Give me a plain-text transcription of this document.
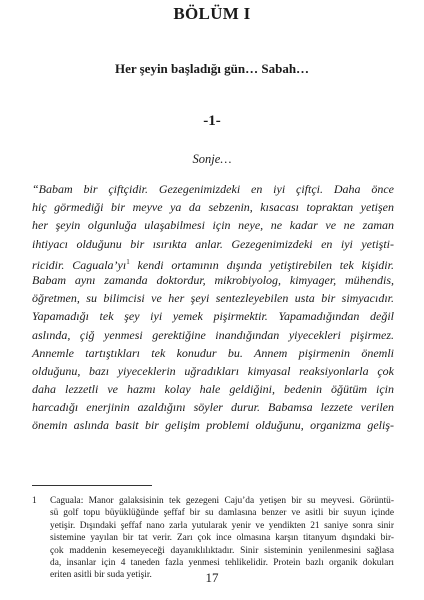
BÖLÜM I
Her şeyin başladığı gün… Sabah…
-1-
Sonje…
“Babam bir çiftçidir. Gezegenimizdeki en iyi çiftçi. Daha önce
hiç görmediği bir meyve ya da sebzenin, kısacası topraktan yetişen
her şeyin olgunluğa ulaşabilmesi için neye, ne kadar ve ne zaman
ihtiyacı olduğunu bir ısırıkta anlar. Gezegenimizdeki en iyi yetişti-
ricidir. $Caguala’yı^1$ kendi ortamının dışında yetiştirebilen tek kişidir.
Babam aynı zamanda doktordur, mikrobiyolog, kimyager, mühendis,
öğretmen, su bilimcisi ve her şeyi sentezleyebilen usta bir simyacıdır.
Yapamadığı tek şey iyi yemek pişirmektir. Yapamadığından değil
aslında, çiğ yenmesi gerektiğine inandığından yiyecekleri pişirmez.
Annemle tartıştıkları tek konudur bu. Annem pişirmenin önemli
olduğunu, bazı yiyeceklerin uğradıkları kimyasal reaksiyonlarla çok
daha lezzetli ve hazmı kolay hale geldiğini, bedenin öğütüm için
harcadığı enerjinin azaldığını söyler durur. Babamsa lezzete verilen
önemin aslında basit bir gelişim problemi olduğunu, organizma geliş-
1 Caguala: Manor galaksisinin tek gezegeni Caju’da yetişen bir su meyvesi. Görüntü-
sü golf topu büyüklüğünde şeffaf bir su damlasına benzer ve asitli bir suyun içinde
yetişir. Dışındaki şeffaf nano zarla yutularak yenir ve yendikten 21 saniye sonra sinir
sistemine yayılan bir tat verir. Zarı çok ince olmasına karşın titanyum dışındaki bir-
çok maddenin kesemeyeceği dayanıklılıktadır. Sinir sisteminin yenilenmesini sağlasa
da, insanlar için 4 taneden fazla yenmesi tehlikelidir. Protein bazlı organik dokuları
eriten asitli bir suda yetişir.	17
